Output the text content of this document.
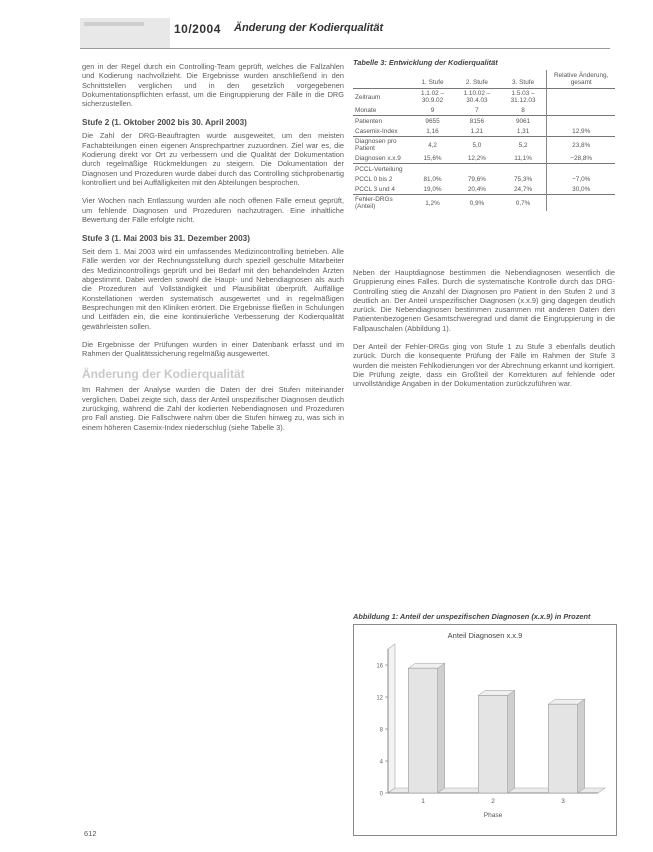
10/2004 Änderung der Kodierqualität

gen in der Regel durch ein Controlling-Team geprüft, welches die Fallzahlen und Kodierung nachvollzieht. Die Ergebnisse wurden anschließend in den Schnittstellen verglichen und in den gesetzlich vorgegebenen Dokumentationspflichten erfasst, um die Eingruppierung der Fälle in die DRG sicherzustellen.

Stufe 2 (1. Oktober 2002 bis 30. April 2003)

Die Zahl der DRG-Beauftragten wurde ausgeweitet, um den meisten Fachabteilungen einen eigenen Ansprechpartner zuzuordnen. Ziel war es, die Kodierung direkt vor Ort zu verbessern und die Qualität der Dokumentation durch regelmäßige Rückmeldungen zu steigern. Die Dokumentation der Diagnosen und Prozeduren wurde dabei durch das Controlling stichprobenartig kontrolliert und bei Auffälligkeiten mit den Abteilungen besprochen.

Vier Wochen nach Entlassung wurden alle noch offenen Fälle erneut geprüft, um fehlende Diagnosen und Prozeduren nachzutragen. Eine inhaltliche Bewertung der Fälle erfolgte nicht.

Stufe 3 (1. Mai 2003 bis 31. Dezember 2003)

Seit dem 1. Mai 2003 wird ein umfassendes Medizincontrolling betrieben. Alle Fälle werden vor der Rechnungsstellung durch speziell geschulte Mitarbeiter des Medizincontrollings geprüft und bei Bedarf mit den behandelnden Ärzten abgestimmt. Dabei werden sowohl die Haupt- und Nebendiagnosen als auch die Prozeduren auf Vollständigkeit und Plausibilität überprüft. Auffällige Konstellationen werden systematisch ausgewertet und in regelmäßigen Besprechungen mit den Kliniken erörtert. Die Ergebnisse fließen in Schulungen und Leitfäden ein, die eine kontinuierliche Verbesserung der Kodierqualität gewährleisten sollen.

Die Ergebnisse der Prüfungen wurden in einer Datenbank erfasst und im Rahmen der Qualitätssicherung regelmäßig ausgewertet.

Änderung der Kodierqualität

Im Rahmen der Analyse wurden die Daten der drei Stufen miteinander verglichen. Dabei zeigte sich, dass der Anteil unspezifischer Diagnosen deutlich zurückging, während die Zahl der kodierten Nebendiagnosen und Prozeduren pro Fall anstieg. Die Fallschwere nahm über die Stufen hinweg zu, was sich in einem höheren Casemix-Index niederschlug (siehe Tabelle 3).

Tabelle 3: Entwicklung der Kodierqualität
	1. Stufe	2. Stufe	3. Stufe	Relative Änderung, gesamt
Zeitraum	1.1.02 – 30.9.02	1.10.02 – 30.4.03	1.5.03 – 31.12.03	
Monate	9	7	8	
Patienten	9655	8156	9061	
Casemix-Index	1,16	1,21	1,31	12,9%
Diagnosen pro Patient	4,2	5,0	5,2	23,8%
Diagnosen x.x.9	15,6%	12,2%	11,1%	−28,8%
PCCL-Verteilung				
PCCL 0 bis 2	81,0%	79,6%	75,3%	−7,0%
PCCL 3 und 4	19,0%	20,4%	24,7%	30,0%
Fehler-DRGs (Anteil)	1,2%	0,9%	0,7%	

Neben der Hauptdiagnose bestimmen die Nebendiagnosen wesentlich die Gruppierung eines Falles. Durch die systematische Kontrolle durch das DRG-Controlling stieg die Anzahl der Diagnosen pro Patient in den Stufen 2 und 3 deutlich an. Der Anteil unspezifischer Diagnosen (x.x.9) ging dagegen deutlich zurück. Die Nebendiagnosen bestimmen zusammen mit anderen Daten den Patientenbezogenen Gesamtschweregrad und damit die Eingruppierung in die Fallpauschalen (Abbildung 1).

Der Anteil der Fehler-DRGs ging von Stufe 1 zu Stufe 3 ebenfalls deutlich zurück. Durch die konsequente Prüfung der Fälle im Rahmen der Stufe 3 wurden die meisten Fehlkodierungen vor der Abrechnung erkannt und korrigiert. Die Prüfung zeigte, dass ein Großteil der Korrekturen auf fehlende oder unvollständige Angaben in der Dokumentation zurückzuführen war.

Abbildung 1: Anteil der unspezifischen Diagnosen (x.x.9) in Prozent
Anteil Diagnosen x.x.9
0
4
8
12
16
1	2	3
Phase
612
